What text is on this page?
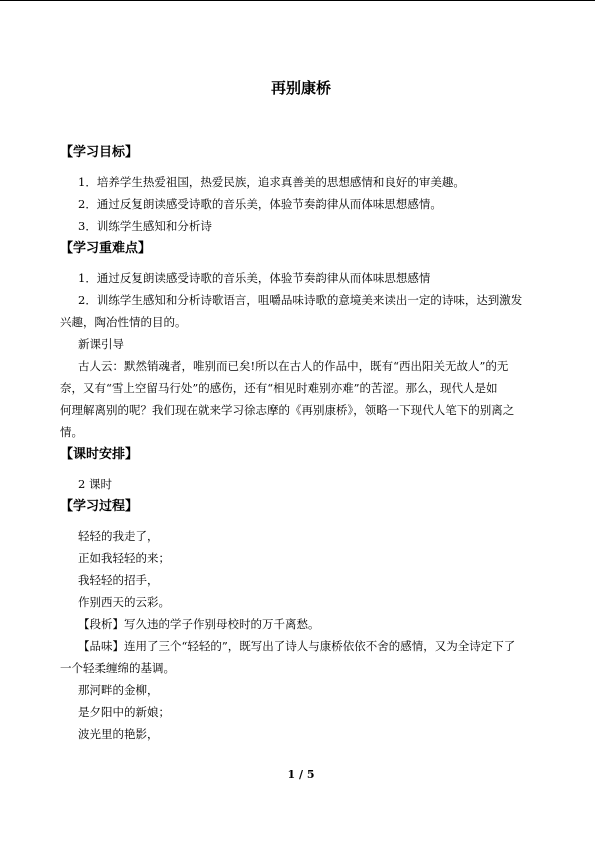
再别康桥
【学习目标】
1．培养学生热爱祖国，热爱民族，追求真善美的思想感情和良好的审美趣。
2．通过反复朗读感受诗歌的音乐美，体验节奏韵律从而体味思想感情。
3．训练学生感知和分析诗
【学习重难点】
1．通过反复朗读感受诗歌的音乐美，体验节奏韵律从而体味思想感情
2．训练学生感知和分析诗歌语言，咀嚼品味诗歌的意境美来读出一定的诗味，达到激发
兴趣，陶冶性情的目的。
新课引导
古人云：默然销魂者，唯别而已矣!所以在古人的作品中，既有“西出阳关无故人”的无
奈，又有“雪上空留马行处”的感伤，还有“相见时难别亦难”的苦涩。那么，现代人是如
何理解离别的呢？我们现在就来学习徐志摩的《再别康桥》，领略一下现代人笔下的别离之
情。
【课时安排】
2 课时
【学习过程】
轻轻的我走了，
正如我轻轻的来；
我轻轻的招手，
作别西天的云彩。
【段析】写久违的学子作别母校时的万千离愁。
【品味】连用了三个“轻轻的”，既写出了诗人与康桥依依不舍的感情，又为全诗定下了
一个轻柔缠绵的基调。
那河畔的金柳，
是夕阳中的新娘；
波光里的艳影，
1 / 5
